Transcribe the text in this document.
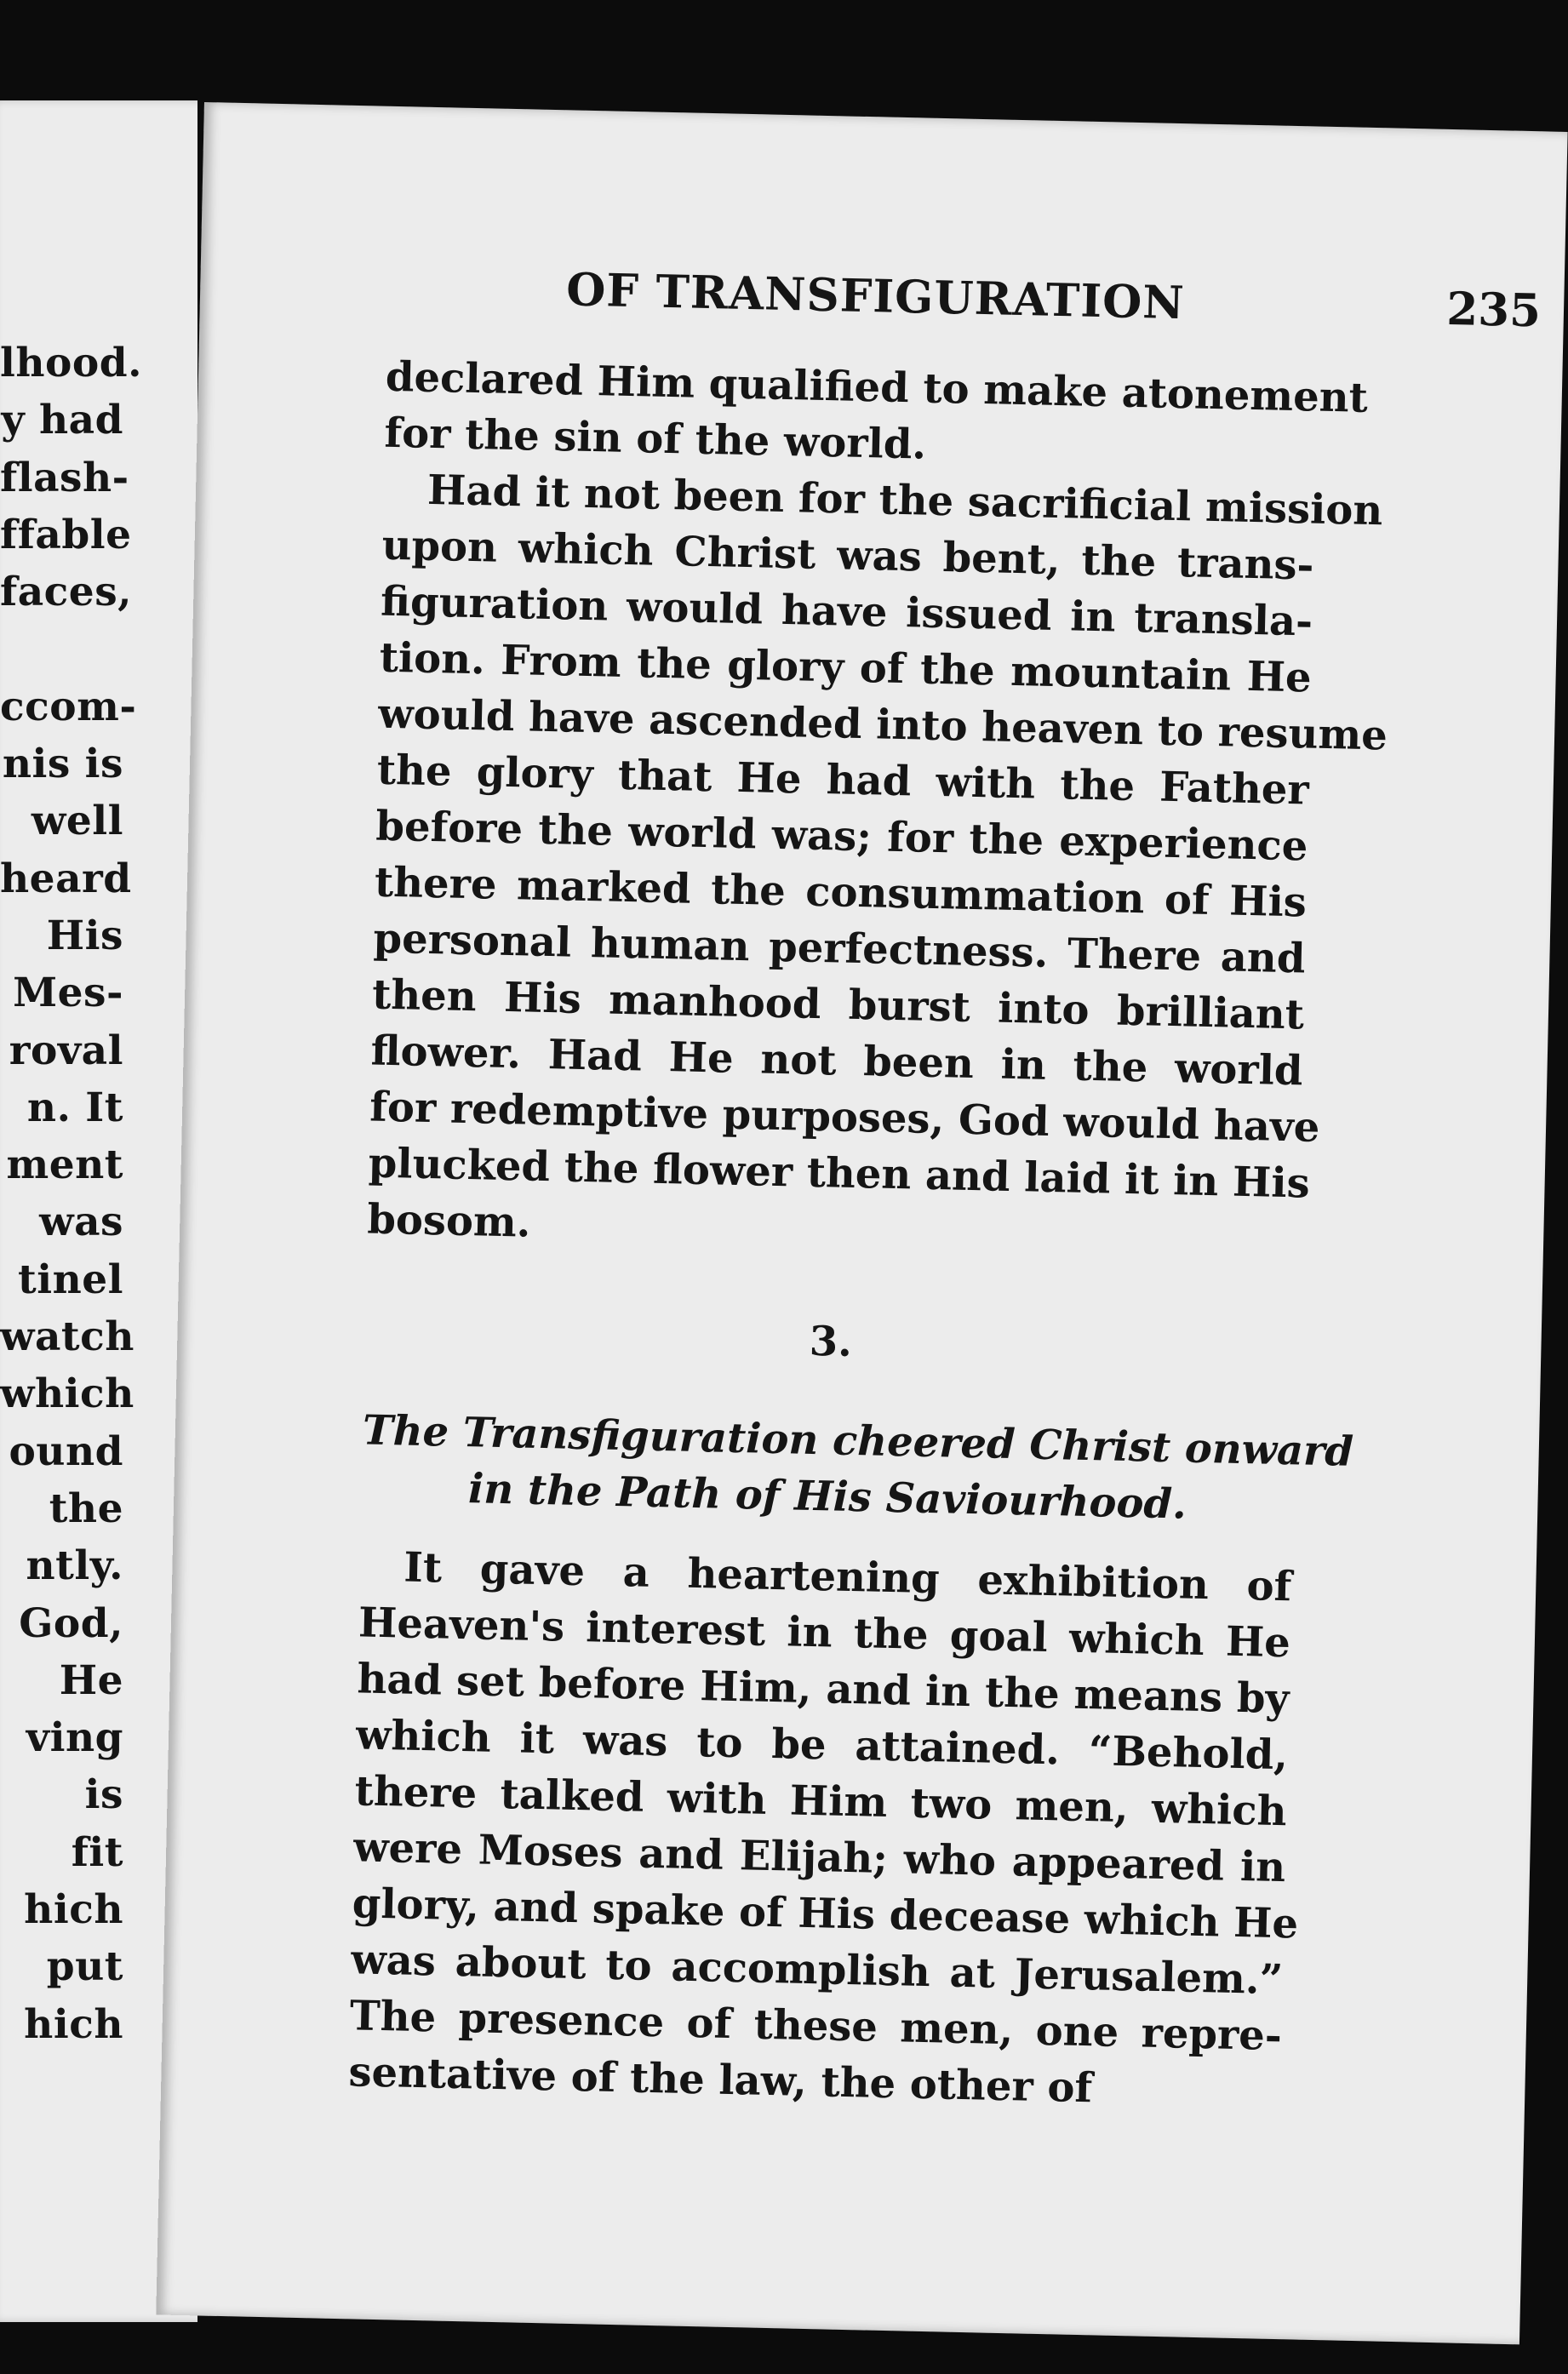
lhood.
y had
flash-
ffable
faces,
ccom-
nis is
well
heard
His
Mes-
roval
n. It
ment
was
tinel
watch
which
ound
the
ntly.
God,
He
ving
is
fit
hich
put
hich
OF TRANSFIGURATION	235
declared Him qualified to make atonement
for the sin of the world.
Had it not been for the sacrificial mission
upon which Christ was bent, the trans-
figuration would have issued in transla-
tion. From the glory of the mountain He
would have ascended into heaven to resume
the glory that He had with the Father
before the world was; for the experience
there marked the consummation of His
personal human perfectness. There and
then His manhood burst into brilliant
flower. Had He not been in the world
for redemptive purposes, God would have
plucked the flower then and laid it in His
bosom.
3.
The Transfiguration cheered Christ onward
in the Path of His Saviourhood.
It gave a heartening exhibition of
Heaven's interest in the goal which He
had set before Him, and in the means by
which it was to be attained. “Behold,
there talked with Him two men, which
were Moses and Elijah; who appeared in
glory, and spake of His decease which He
was about to accomplish at Jerusalem.”
The presence of these men, one repre-
sentative of the law, the other of
